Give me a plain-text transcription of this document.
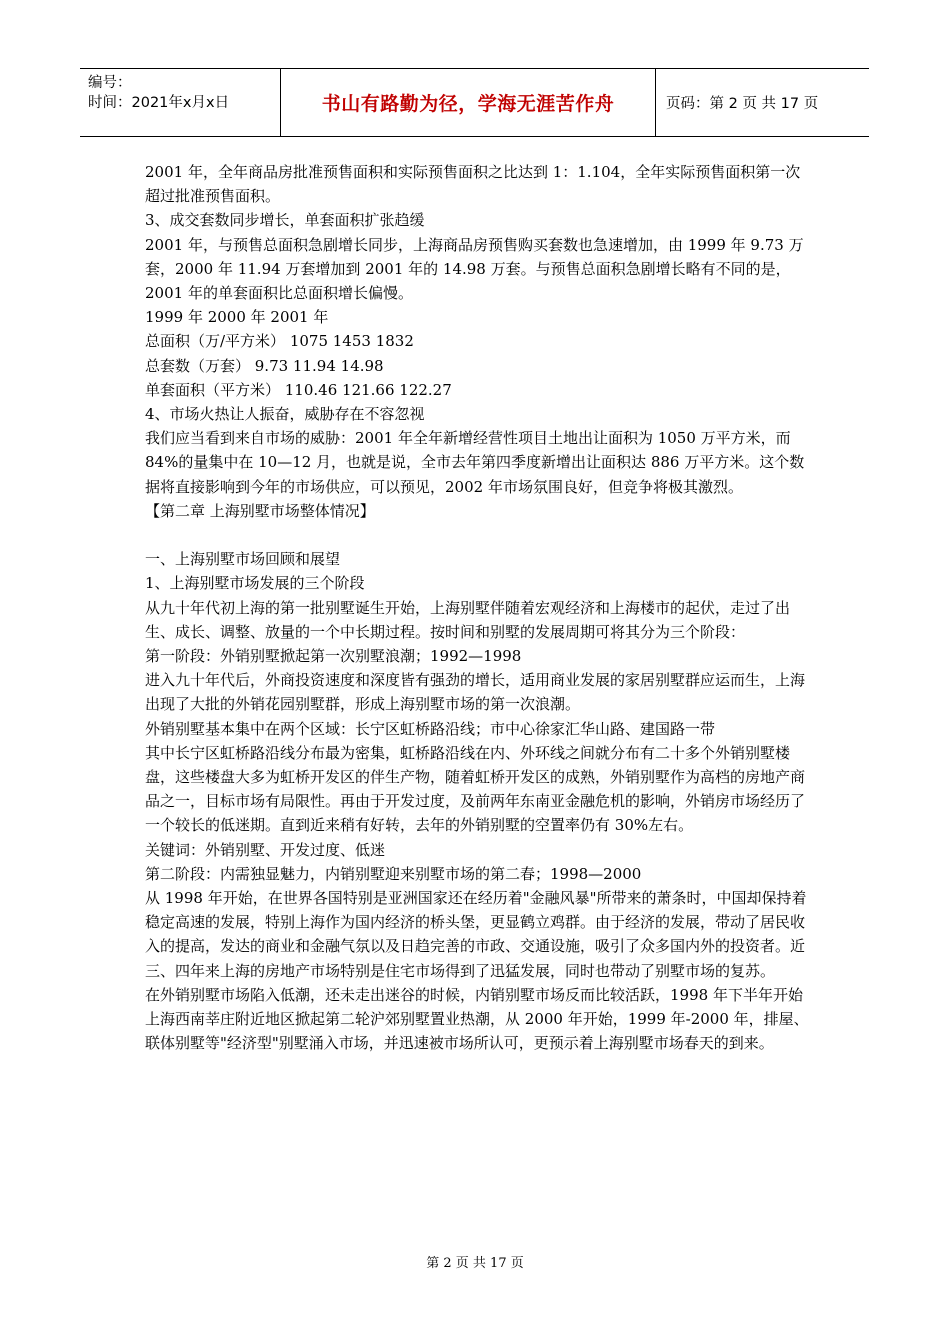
编号：
时间：2021年x月x日	书山有路勤为径，学海无涯苦作舟	页码：第 2 页 共 17 页

2001 年，全年商品房批准预售面积和实际预售面积之比达到 1：1.104，全年实际预售面积第一次超过批准预售面积。

3、成交套数同步增长，单套面积扩张趋缓

2001 年，与预售总面积急剧增长同步，上海商品房预售购买套数也急速增加，由 1999 年 9.73 万套，2000 年 11.94 万套增加到 2001 年的 14.98 万套。与预售总面积急剧增长略有不同的是，2001 年的单套面积比总面积增长偏慢。

1999 年 2000 年 2001 年

总面积（万/平方米） 1075 1453 1832

总套数（万套） 9.73 11.94 14.98

单套面积（平方米） 110.46 121.66 122.27

4、市场火热让人振奋，威胁存在不容忽视

我们应当看到来自市场的威胁：2001 年全年新增经营性项目土地出让面积为 1050 万平方米，而 84%的量集中在 10—12 月，也就是说，全市去年第四季度新增出让面积达 886 万平方米。这个数据将直接影响到今年的市场供应，可以预见，2002 年市场氛围良好，但竞争将极其激烈。

【第二章 上海别墅市场整体情况】

一、上海别墅市场回顾和展望

1、上海别墅市场发展的三个阶段

从九十年代初上海的第一批别墅诞生开始，上海别墅伴随着宏观经济和上海楼市的起伏，走过了出生、成长、调整、放量的一个中长期过程。按时间和别墅的发展周期可将其分为三个阶段：

第一阶段：外销别墅掀起第一次别墅浪潮；1992—1998

进入九十年代后，外商投资速度和深度皆有强劲的增长，适用商业发展的家居别墅群应运而生，上海出现了大批的外销花园别墅群，形成上海别墅市场的第一次浪潮。

外销别墅基本集中在两个区域：长宁区虹桥路沿线；市中心徐家汇华山路、建国路一带

其中长宁区虹桥路沿线分布最为密集，虹桥路沿线在内、外环线之间就分布有二十多个外销别墅楼盘，这些楼盘大多为虹桥开发区的伴生产物，随着虹桥开发区的成熟，外销别墅作为高档的房地产商品之一，目标市场有局限性。再由于开发过度，及前两年东南亚金融危机的影响，外销房市场经历了一个较长的低迷期。直到近来稍有好转，去年的外销别墅的空置率仍有 30%左右。

关键词：外销别墅、开发过度、低迷

第二阶段：内需独显魅力，内销别墅迎来别墅市场的第二春；1998—2000

从 1998 年开始，在世界各国特别是亚洲国家还在经历着"金融风暴"所带来的萧条时，中国却保持着稳定高速的发展，特别上海作为国内经济的桥头堡，更显鹤立鸡群。由于经济的发展，带动了居民收入的提高，发达的商业和金融气氛以及日趋完善的市政、交通设施，吸引了众多国内外的投资者。近三、四年来上海的房地产市场特别是住宅市场得到了迅猛发展，同时也带动了别墅市场的复苏。

在外销别墅市场陷入低潮，还未走出迷谷的时候，内销别墅市场反而比较活跃，1998 年下半年开始上海西南莘庄附近地区掀起第二轮沪郊别墅置业热潮，从 2000 年开始，1999 年-2000 年，排屋、联体别墅等"经济型"别墅涌入市场，并迅速被市场所认可，更预示着上海别墅市场春天的到来。

第 2 页 共 17 页
